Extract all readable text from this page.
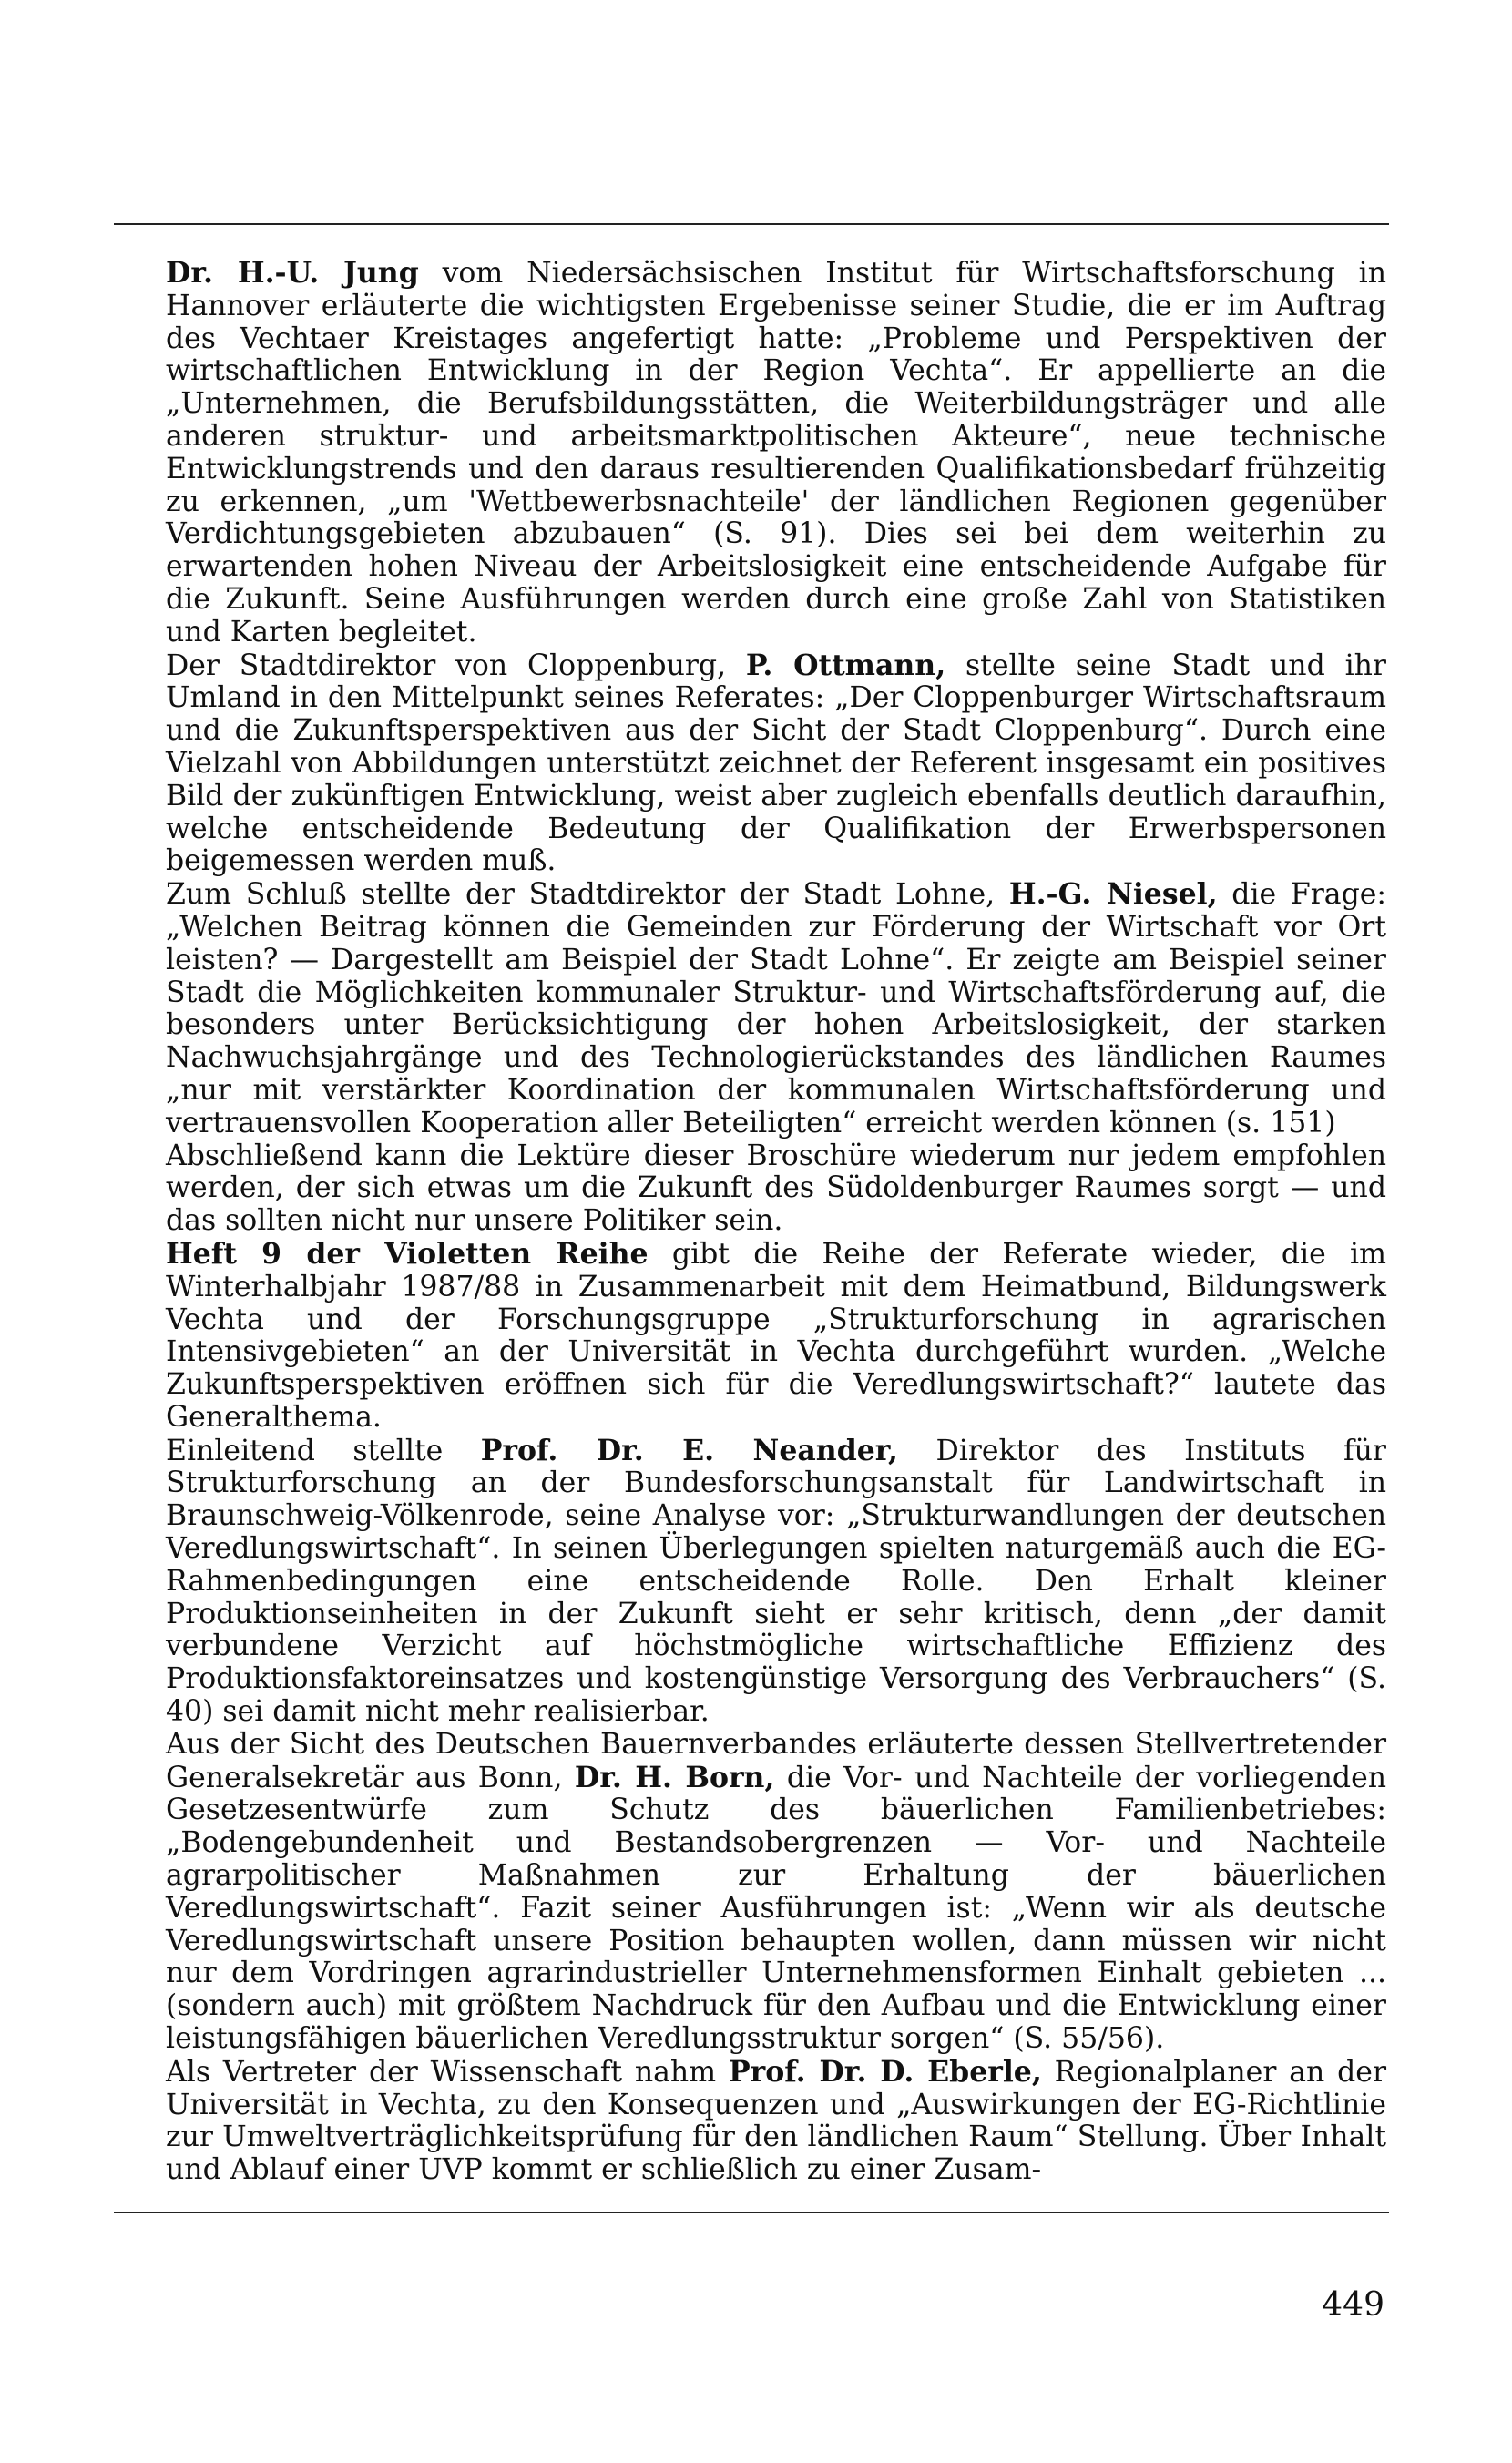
Dr. H.-U. Jung vom Niedersächsischen Institut für Wirtschaftsforschung in Hannover erläuterte die wichtigsten Ergebenisse seiner Studie, die er im Auftrag des Vechtaer Kreistages angefertigt hatte: „Probleme und Perspektiven der wirtschaftlichen Entwicklung in der Region Vechta“. Er appellierte an die „Unternehmen, die Berufsbildungsstätten, die Weiterbildungsträger und alle anderen struktur- und arbeitsmarktpolitischen Akteure“, neue technische Entwicklungstrends und den daraus resultierenden Qualifikationsbedarf frühzeitig zu erkennen, „um 'Wettbewerbsnachteile' der ländlichen Regionen gegenüber Verdichtungsgebieten abzubauen“ (S. 91). Dies sei bei dem weiterhin zu erwartenden hohen Niveau der Arbeitslosigkeit eine entscheidende Aufgabe für die Zukunft. Seine Ausführungen werden durch eine große Zahl von Statistiken und Karten begleitet.

Der Stadtdirektor von Cloppenburg, P. Ottmann, stellte seine Stadt und ihr Umland in den Mittelpunkt seines Referates: „Der Cloppenburger Wirtschaftsraum und die Zukunftsperspektiven aus der Sicht der Stadt Cloppenburg“. Durch eine Vielzahl von Abbildungen unterstützt zeichnet der Referent insgesamt ein positives Bild der zukünftigen Entwicklung, weist aber zugleich ebenfalls deutlich daraufhin, welche entscheidende Bedeutung der Qualifikation der Erwerbspersonen beigemessen werden muß.

Zum Schluß stellte der Stadtdirektor der Stadt Lohne, H.-G. Niesel, die Frage: „Welchen Beitrag können die Gemeinden zur Förderung der Wirtschaft vor Ort leisten? — Dargestellt am Beispiel der Stadt Lohne“. Er zeigte am Beispiel seiner Stadt die Möglichkeiten kommunaler Struktur- und Wirtschaftsförderung auf, die besonders unter Berücksichtigung der hohen Arbeitslosigkeit, der starken Nachwuchsjahrgänge und des Technologierückstandes des ländlichen Raumes „nur mit verstärkter Koordination der kommunalen Wirtschaftsförderung und vertrauensvollen Kooperation aller Beteiligten“ erreicht werden können (s. 151)

Abschließend kann die Lektüre dieser Broschüre wiederum nur jedem empfohlen werden, der sich etwas um die Zukunft des Südoldenburger Raumes sorgt — und das sollten nicht nur unsere Politiker sein.

Heft 9 der Violetten Reihe gibt die Reihe der Referate wieder, die im Winterhalbjahr 1987/88 in Zusammenarbeit mit dem Heimatbund, Bildungswerk Vechta und der Forschungsgruppe „Strukturforschung in agrarischen Intensivgebieten“ an der Universität in Vechta durchgeführt wurden. „Welche Zukunftsperspektiven eröffnen sich für die Veredlungswirtschaft?“ lautete das Generalthema.

Einleitend stellte Prof. Dr. E. Neander, Direktor des Instituts für Strukturforschung an der Bundesforschungsanstalt für Landwirtschaft in Braunschweig-Völkenrode, seine Analyse vor: „Strukturwandlungen der deutschen Veredlungswirtschaft“. In seinen Überlegungen spielten naturgemäß auch die EG-Rahmenbedingungen eine entscheidende Rolle. Den Erhalt kleiner Produktionseinheiten in der Zukunft sieht er sehr kritisch, denn „der damit verbundene Verzicht auf höchstmögliche wirtschaftliche Effizienz des Produktionsfaktoreinsatzes und kostengünstige Versorgung des Verbrauchers“ (S. 40) sei damit nicht mehr realisierbar.

Aus der Sicht des Deutschen Bauernverbandes erläuterte dessen Stellvertretender Generalsekretär aus Bonn, Dr. H. Born, die Vor- und Nachteile der vorliegenden Gesetzesentwürfe zum Schutz des bäuerlichen Familienbetriebes: „Bodengebundenheit und Bestandsobergrenzen — Vor- und Nachteile agrarpolitischer Maßnahmen zur Erhaltung der bäuerlichen Veredlungswirtschaft“. Fazit seiner Ausführungen ist: „Wenn wir als deutsche Veredlungswirtschaft unsere Position behaupten wollen, dann müssen wir nicht nur dem Vordringen agrarindustrieller Unternehmensformen Einhalt gebieten ... (sondern auch) mit größtem Nachdruck für den Aufbau und die Entwicklung einer leistungsfähigen bäuerlichen Veredlungsstruktur sorgen“ (S. 55/56).

Als Vertreter der Wissenschaft nahm Prof. Dr. D. Eberle, Regionalplaner an der Universität in Vechta, zu den Konsequenzen und „Auswirkungen der EG-Richtlinie zur Umweltverträglichkeitsprüfung für den ländlichen Raum“ Stellung. Über Inhalt und Ablauf einer UVP kommt er schließlich zu einer Zusam-

449
